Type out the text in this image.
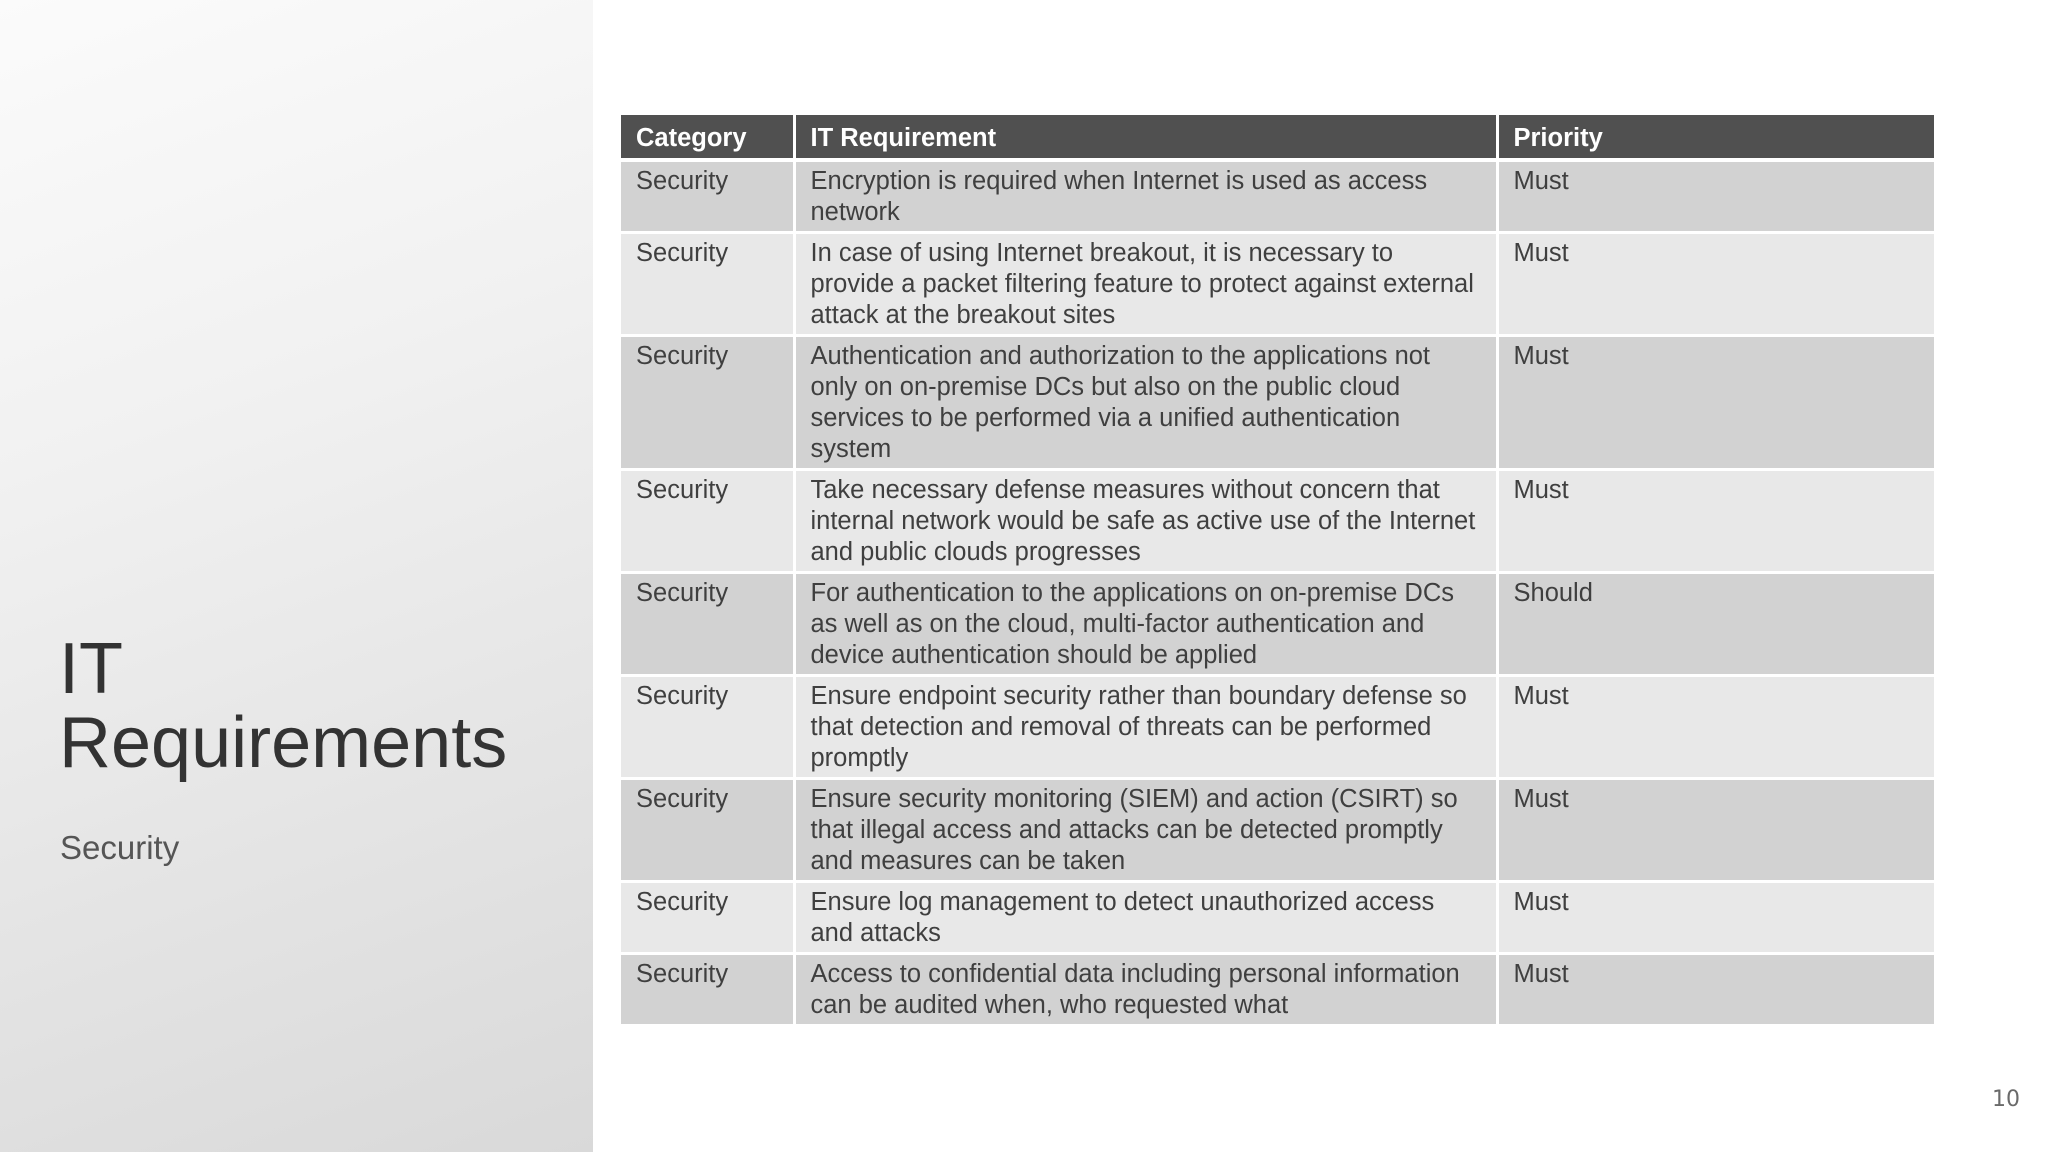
IT Requirements

Security

Category	IT Requirement	Priority
Security	Encryption is required when Internet is used as access network	Must
Security	In case of using Internet breakout, it is necessary to provide a packet filtering feature to protect against external attack at the breakout sites	Must
Security	Authentication and authorization to the applications not only on on-premise DCs but also on the public cloud services to be performed via a unified authentication system	Must
Security	Take necessary defense measures without concern that internal network would be safe as active use of the Internet and public clouds progresses	Must
Security	For authentication to the applications on on-premise DCs as well as on the cloud, multi-factor authentication and device authentication should be applied	Should
Security	Ensure endpoint security rather than boundary defense so that detection and removal of threats can be performed promptly	Must
Security	Ensure security monitoring (SIEM) and action (CSIRT) so that illegal access and attacks can be detected promptly and measures can be taken	Must
Security	Ensure log management to detect unauthorized access and attacks	Must
Security	Access to confidential data including personal information can be audited when, who requested what	Must
10
